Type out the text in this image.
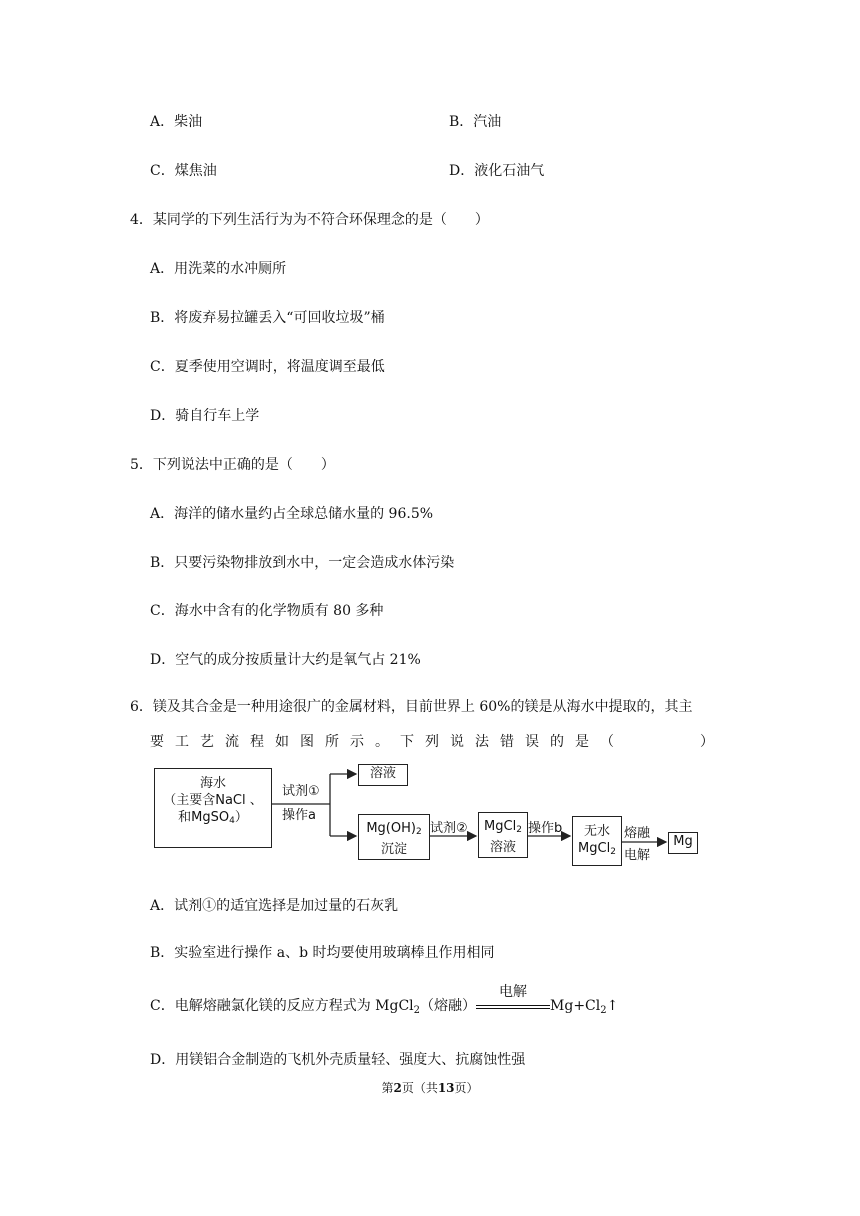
A．柴油	B．汽油
C．煤焦油	D．液化石油气
4．某同学的下列生活行为为不符合环保理念的是（　　）
A．用洗菜的水冲厕所
B．将废弃易拉罐丢入“可回收垃圾”桶
C．夏季使用空调时，将温度调至最低
D．骑自行车上学
5．下列说法中正确的是（　　）
A．海洋的储水量约占全球总储水量的 96.5%
B．只要污染物排放到水中，一定会造成水体污染
C．海水中含有的化学物质有 80 多种
D．空气的成分按质量计大约是氧气占 21%
6．镁及其合金是一种用途很广的金属材料，目前世界上 60%的镁是从海水中提取的，其主
要工艺流程如图所示。下列说法错误的是（　　　）
海水
（主要含NaCl 、
和MgSO4）
试剂①
操作a
溶液
Mg(OH)2
沉淀
试剂②	MgCl2
溶液
操作b	无水
MgCl2
熔融
电解
Mg
A．试剂①的适宜选择是加过量的石灰乳
B．实验室进行操作 a、b 时均要使用玻璃棒且作用相同
C．电解熔融氯化镁的反应方程式为 MgCl$_2$（熔融）
电解
$Mg+Cl_2↑$
D．用镁铝合金制造的飞机外壳质量轻、强度大、抗腐蚀性强
第2页（共13页）
